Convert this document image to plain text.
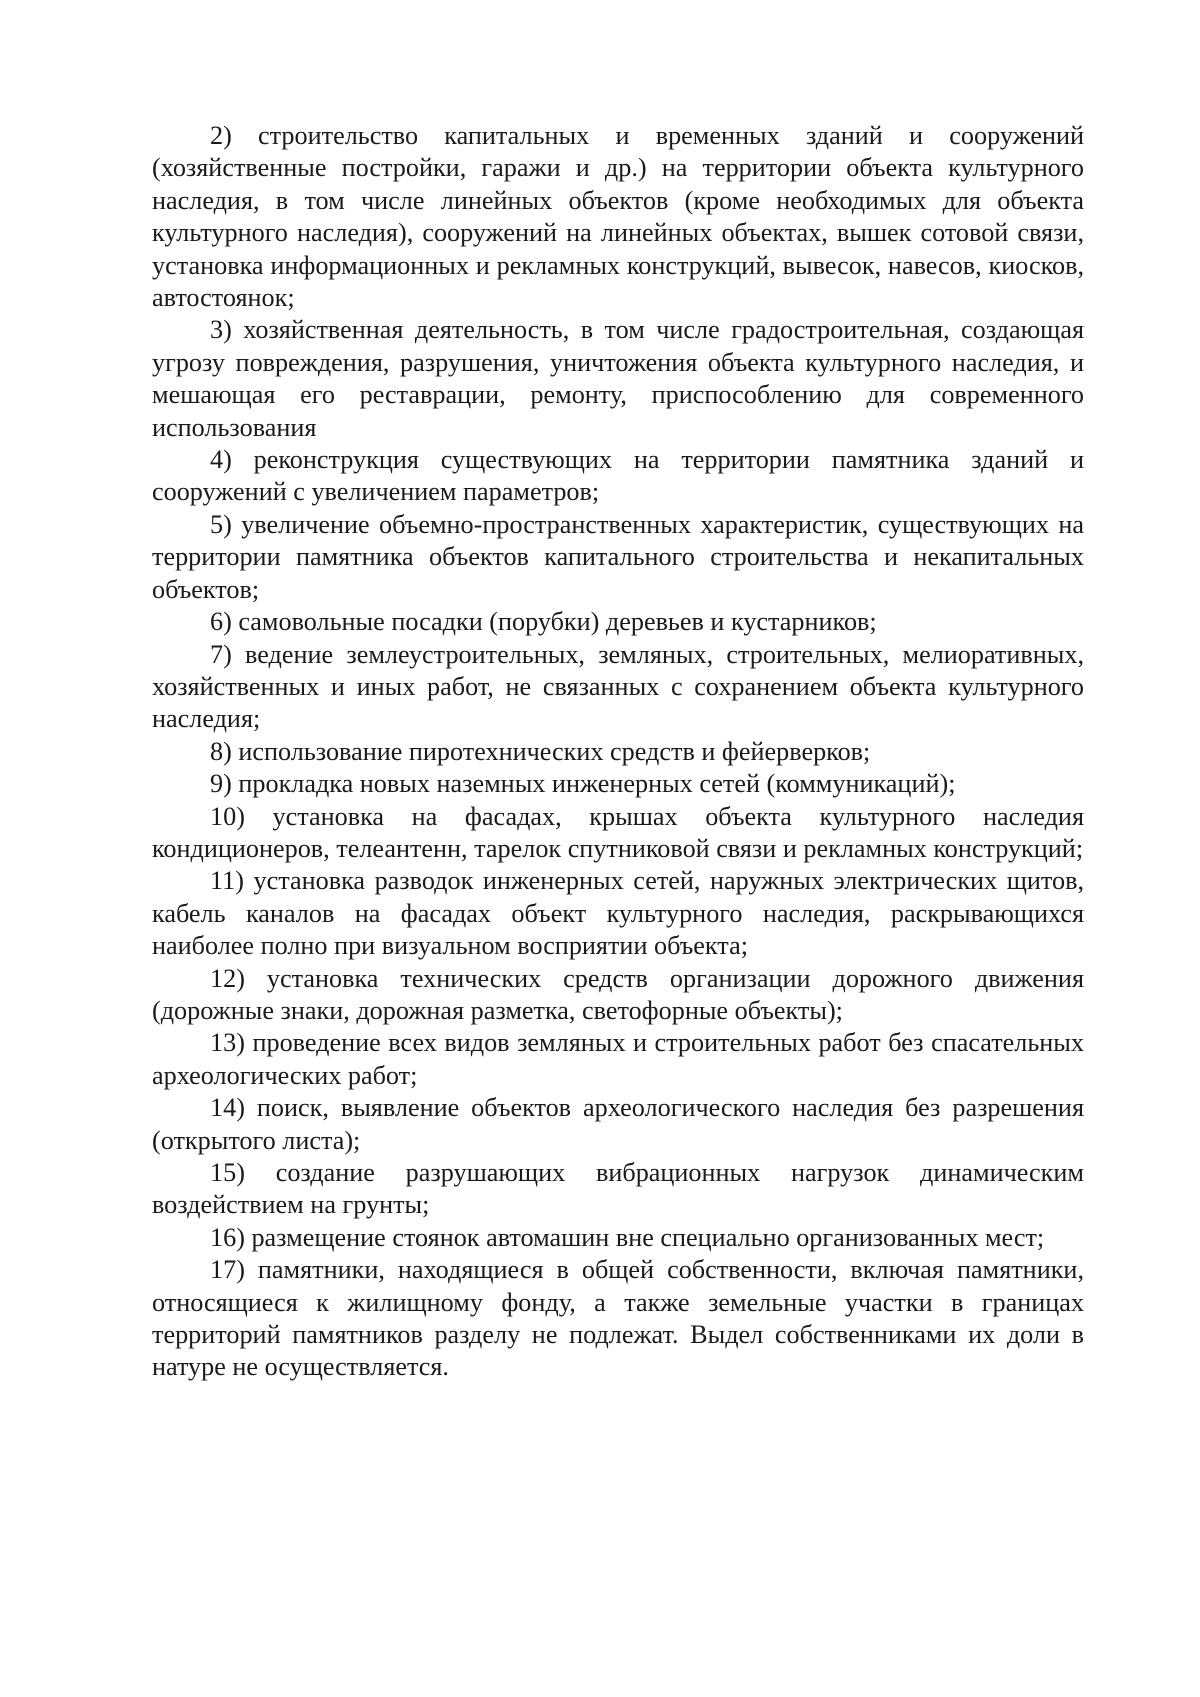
2) строительство капитальных и временных зданий и сооружений (хозяйственные постройки, гаражи и др.) на территории объекта культурного наследия, в том числе линейных объектов (кроме необходимых для объекта культурного наследия), сооружений на линейных объектах, вышек сотовой связи, установка информационных и рекламных конструкций, вывесок, навесов, киосков, автостоянок;

3) хозяйственная деятельность, в том числе градостроительная, создающая угрозу повреждения, разрушения, уничтожения объекта культурного наследия, и мешающая его реставрации, ремонту, приспособлению для современного использования

4) реконструкция существующих на территории памятника зданий и сооружений с увеличением параметров;

5) увеличение объемно-пространственных характеристик, существующих на территории памятника объектов капитального строительства и некапитальных объектов;

6) самовольные посадки (порубки) деревьев и кустарников;

7) ведение землеустроительных, земляных, строительных, мелиоративных, хозяйственных и иных работ, не связанных с сохранением объекта культурного наследия;

8) использование пиротехнических средств и фейерверков;

9) прокладка новых наземных инженерных сетей (коммуникаций);

10) установка на фасадах, крышах объекта культурного наследия кондиционеров, телеантенн, тарелок спутниковой связи и рекламных конструкций;

11) установка разводок инженерных сетей, наружных электрических щитов, кабель каналов на фасадах объект культурного наследия, раскрывающихся наиболее полно при визуальном восприятии объекта;

12) установка технических средств организации дорожного движения (дорожные знаки, дорожная разметка, светофорные объекты);

13) проведение всех видов земляных и строительных работ без спасательных археологических работ;

14) поиск, выявление объектов археологического наследия без разрешения (открытого листа);

15) создание разрушающих вибрационных нагрузок динамическим воздействием на грунты;

16) размещение стоянок автомашин вне специально организованных мест;

17) памятники, находящиеся в общей собственности, включая памятники, относящиеся к жилищному фонду, а также земельные участки в границах территорий памятников разделу не подлежат. Выдел собственниками их доли в натуре не осуществляется.
